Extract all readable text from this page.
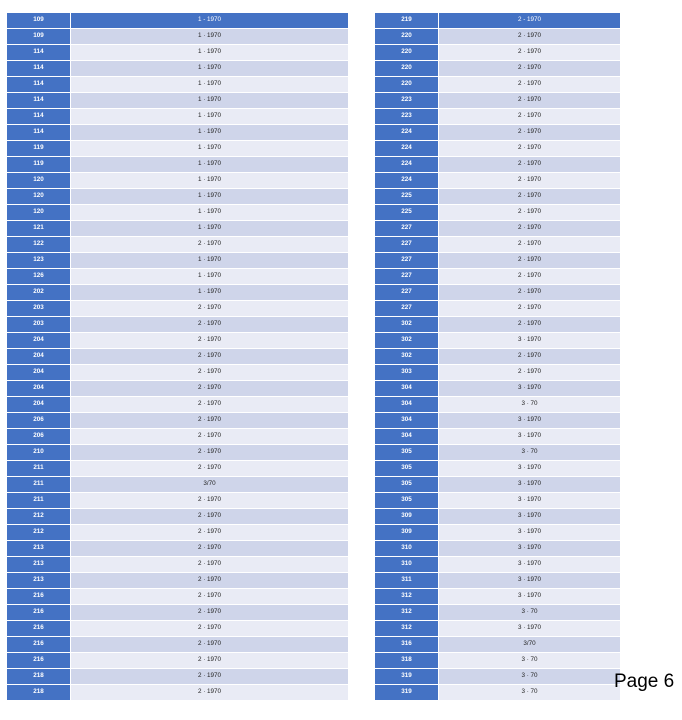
109	1 - 1970
109	1 · 1970
114	1 · 1970
114	1 · 1970
114	1 · 1970
114	1 · 1970
114	1 · 1970
114	1 · 1970
119	1 · 1970
119	1 · 1970
120	1 · 1970
120	1 · 1970
120	1 · 1970
121	1 · 1970
122	2 · 1970
123	1 · 1970
126	1 · 1970
202	1 · 1970
203	2 · 1970
203	2 · 1970
204	2 · 1970
204	2 · 1970
204	2 · 1970
204	2 · 1970
204	2 · 1970
206	2 · 1970
206	2 · 1970
210	2 · 1970
211	2 · 1970
211	3/70
211	2 · 1970
212	2 · 1970
212	2 · 1970
213	2 · 1970
213	2 · 1970
213	2 · 1970
216	2 · 1970
216	2 · 1970
216	2 · 1970
216	2 · 1970
216	2 · 1970
218	2 · 1970
218	2 · 1970
219	2 - 1970
220	2 · 1970
220	2 · 1970
220	2 · 1970
220	2 · 1970
223	2 · 1970
223	2 · 1970
224	2 · 1970
224	2 · 1970
224	2 · 1970
224	2 · 1970
225	2 · 1970
225	2 · 1970
227	2 · 1970
227	2 · 1970
227	2 · 1970
227	2 · 1970
227	2 · 1970
227	2 · 1970
302	2 · 1970
302	3 · 1970
302	2 · 1970
303	2 · 1970
304	3 · 1970
304	3 · 70
304	3 · 1970
304	3 · 1970
305	3 · 70
305	3 · 1970
305	3 · 1970
305	3 · 1970
309	3 · 1970
309	3 · 1970
310	3 · 1970
310	3 · 1970
311	3 · 1970
312	3 · 1970
312	3 · 70
312	3 · 1970
316	3/70
318	3 · 70
319	3 · 70
319	3 · 70	Page 6
